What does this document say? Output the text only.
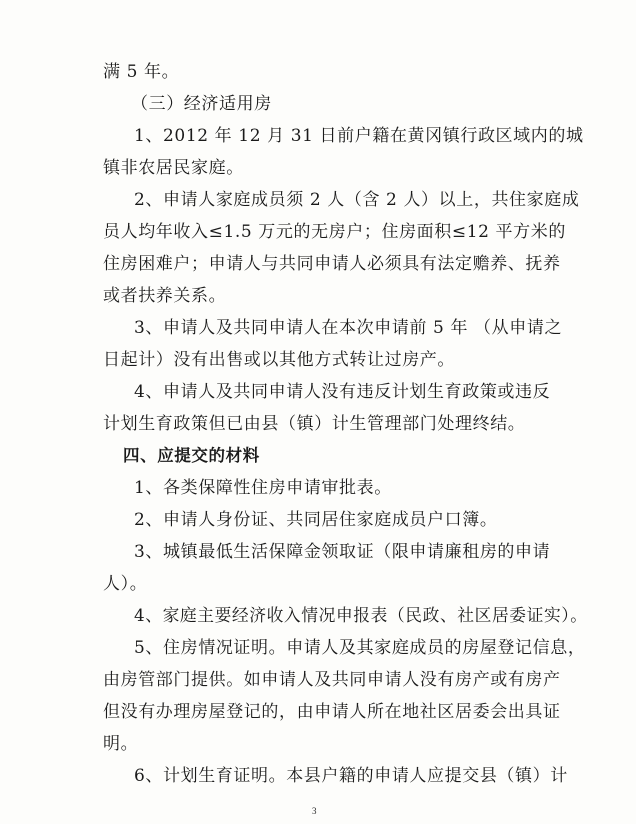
满 5 年。
（三）经济适用房
1、2012 年 12 月 31 日前户籍在黄冈镇行政区域内的城
镇非农居民家庭。
2、申请人家庭成员须 2 人（含 2 人）以上，共住家庭成
员人均年收入≤1.5 万元的无房户；住房面积≤12 平方米的
住房困难户；申请人与共同申请人必须具有法定赡养、抚养
或者扶养关系。
3、申请人及共同申请人在本次申请前 5 年 （从申请之
日起计）没有出售或以其他方式转让过房产。
4、申请人及共同申请人没有违反计划生育政策或违反
计划生育政策但已由县（镇）计生管理部门处理终结。
四、应提交的材料
1、各类保障性住房申请审批表。
2、申请人身份证、共同居住家庭成员户口簿。
3、城镇最低生活保障金领取证（限申请廉租房的申请
人）。
4、家庭主要经济收入情况申报表（民政、社区居委证实）。
5、住房情况证明。申请人及其家庭成员的房屋登记信息，
由房管部门提供。如申请人及共同申请人没有房产或有房产
但没有办理房屋登记的，由申请人所在地社区居委会出具证
明。
6、计划生育证明。本县户籍的申请人应提交县（镇）计
3
